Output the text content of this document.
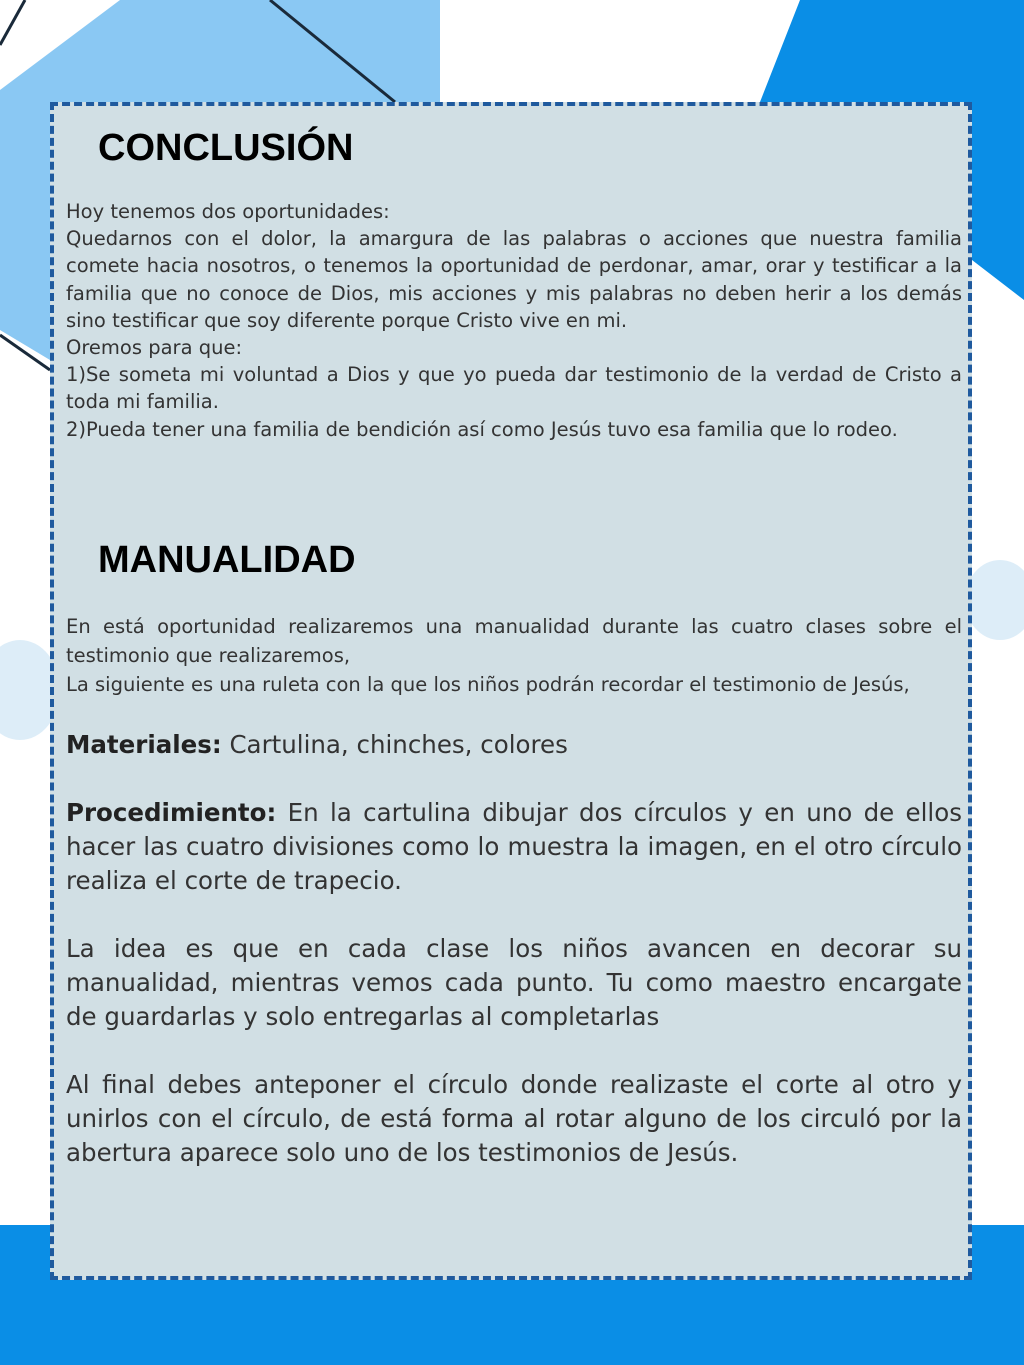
CONCLUSIÓN

Hoy tenemos dos oportunidades:

Quedarnos con el dolor, la amargura de las palabras o acciones que nuestra familia comete hacia nosotros, o tenemos la oportunidad de perdonar, amar, orar y testificar a la familia que no conoce de Dios, mis acciones y mis palabras no deben herir a los demás sino testificar que soy diferente porque Cristo vive en mi.

Oremos para que:

1)Se someta mi voluntad a Dios y que yo pueda dar testimonio de la verdad de Cristo a toda mi familia.

2)Pueda tener una familia de bendición así como Jesús tuvo esa familia que lo rodeo.

MANUALIDAD

En está oportunidad realizaremos una manualidad durante las cuatro clases sobre el testimonio que realizaremos,

La siguiente es una ruleta con la que los niños podrán recordar el testimonio de Jesús,

Materiales: Cartulina, chinches, colores

Procedimiento: En la cartulina dibujar dos círculos y en uno de ellos hacer las cuatro divisiones como lo muestra la imagen, en el otro círculo realiza el corte de trapecio.

La idea es que en cada clase los niños avancen en decorar su manualidad, mientras vemos cada punto. Tu como maestro encargate de guardarlas y solo entregarlas al completarlas

Al final debes anteponer el círculo donde realizaste el corte al otro y unirlos con el círculo, de está forma al rotar alguno de los circuló por la abertura aparece solo uno de los testimonios de Jesús.
